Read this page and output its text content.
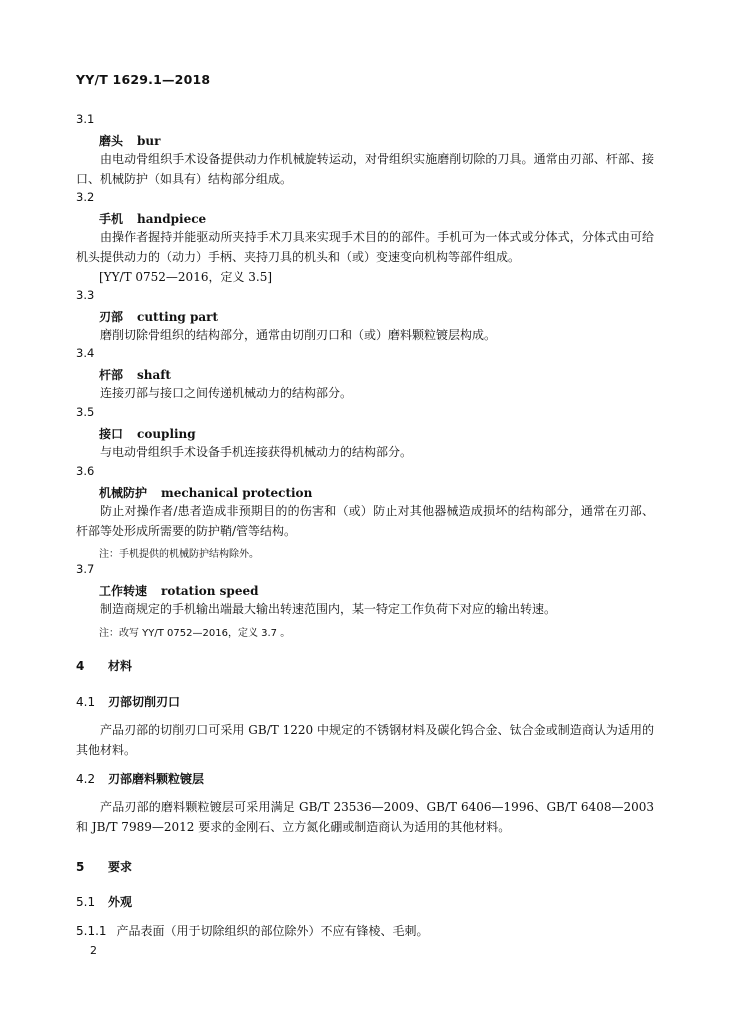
YY/T 1629.1—2018
3.1
磨头 bur
由电动骨组织手术设备提供动力作机械旋转运动，对骨组织实施磨削切除的刀具。通常由刃部、杆部、接口、机械防护（如具有）结构部分组成。
3.2
手机 handpiece
由操作者握持并能驱动所夹持手术刀具来实现手术目的的部件。手机可为一体式或分体式，分体式由可给机头提供动力的（动力）手柄、夹持刀具的机头和（或）变速变向机构等部件组成。
[YY/T 0752—2016，定义 3.5]
3.3
刃部 cutting part
磨削切除骨组织的结构部分，通常由切削刃口和（或）磨料颗粒镀层构成。
3.4
杆部 shaft
连接刃部与接口之间传递机械动力的结构部分。
3.5
接口 coupling
与电动骨组织手术设备手机连接获得机械动力的结构部分。
3.6
机械防护 mechanical protection
防止对操作者/患者造成非预期目的的伤害和（或）防止对其他器械造成损坏的结构部分，通常在刃部、杆部等处形成所需要的防护鞘/管等结构。
注：手机提供的机械防护结构除外。
3.7
工作转速 rotation speed
制造商规定的手机输出端最大输出转速范围内，某一特定工作负荷下对应的输出转速。
注：改写 YY/T 0752—2016，定义 3.7 。
4 材料
4.1 刃部切削刃口
产品刃部的切削刃口可采用 GB/T 1220 中规定的不锈钢材料及碳化钨合金、钛合金或制造商认为适用的其他材料。
4.2 刃部磨料颗粒镀层
产品刃部的磨料颗粒镀层可采用满足 GB/T 23536—2009、GB/T 6406—1996、GB/T 6408—2003 和 JB/T 7989—2012 要求的金刚石、立方氮化硼或制造商认为适用的其他材料。
5 要求
5.1 外观
5.1.1 产品表面（用于切除组织的部位除外）不应有锋棱、毛刺。
2
